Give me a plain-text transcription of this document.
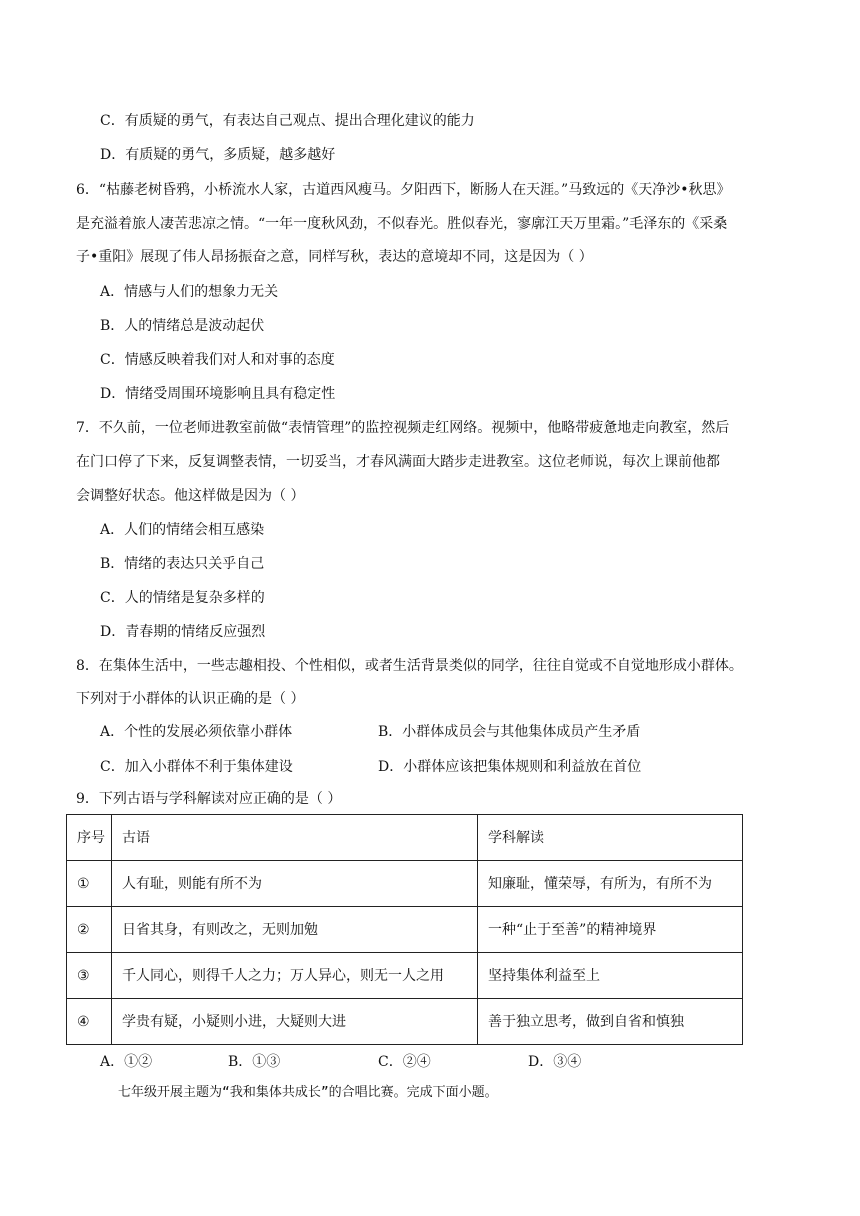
C．有质疑的勇气，有表达自己观点、提出合理化建议的能力
D．有质疑的勇气，多质疑，越多越好
6．“枯藤老树昏鸦，小桥流水人家，古道西风瘦马。夕阳西下，断肠人在天涯。”马致远的《天净沙•秋思》
是充溢着旅人凄苦悲凉之情。“一年一度秋风劲，不似春光。胜似春光，寥廓江天万里霜。”毛泽东的《采桑
子•重阳》展现了伟人昂扬振奋之意，同样写秋，表达的意境却不同，这是因为（ ）
A．情感与人们的想象力无关
B．人的情绪总是波动起伏
C．情感反映着我们对人和对事的态度
D．情绪受周围环境影响且具有稳定性
7．不久前，一位老师进教室前做“表情管理”的监控视频走红网络。视频中，他略带疲惫地走向教室，然后
在门口停了下来，反复调整表情，一切妥当，才春风满面大踏步走进教室。这位老师说，每次上课前他都
会调整好状态。他这样做是因为（ ）
A．人们的情绪会相互感染
B．情绪的表达只关乎自己
C．人的情绪是复杂多样的
D．青春期的情绪反应强烈
8．在集体生活中，一些志趣相投、个性相似，或者生活背景类似的同学，往往自觉或不自觉地形成小群体。
下列对于小群体的认识正确的是（ ）
A．个性的发展必须依靠小群体	B．小群体成员会与其他集体成员产生矛盾
C．加入小群体不利于集体建设	D．小群体应该把集体规则和利益放在首位
9．下列古语与学科解读对应正确的是（ ）
序号	古语	学科解读
①	人有耻，则能有所不为	知廉耻，懂荣辱，有所为，有所不为
②	日省其身，有则改之，无则加勉	一种“止于至善”的精神境界
③	千人同心，则得千人之力；万人异心，则无一人之用	坚持集体利益至上
④	学贵有疑，小疑则小进，大疑则大进	善于独立思考，做到自省和慎独
A．①②	B．①③	C．②④	D．③④
七年级开展主题为“我和集体共成长”的合唱比赛。完成下面小题。
